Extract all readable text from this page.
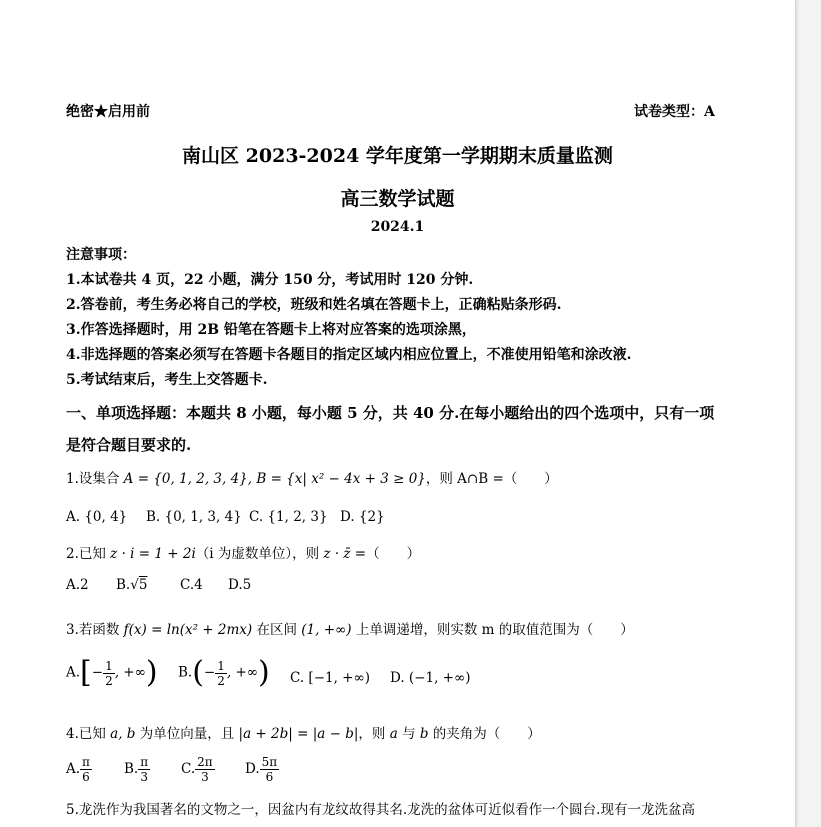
绝密★启用前	试卷类型：A
南山区 2023-2024 学年度第一学期期末质量监测
高三数学试题
2024.1
注意事项：
1.本试卷共 4 页，22 小题，满分 150 分，考试用时 120 分钟.
2.答卷前，考生务必将自己的学校，班级和姓名填在答题卡上，正确粘贴条形码.
3.作答选择题时，用 2B 铅笔在答题卡上将对应答案的选项涂黑，
4.非选择题的答案必须写在答题卡各题目的指定区域内相应位置上，不准使用铅笔和涂改液.
5.考试结束后，考生上交答题卡.
一、单项选择题：本题共 8 小题，每小题 5 分，共 40 分.在每小题给出的四个选项中，只有一项
是符合题目要求的.
1.设集合 A = {0, 1, 2, 3, 4}, B = {x| x² − 4x + 3 ≥ 0}，则 A∩B =（　　）
A. {0, 4} B. {0, 1, 3, 4} C. {1, 2, 3} D. {2}
2.已知 z · i = 1 + 2i（i 为虚数单位），则 z · z̄ =（　　）
A.2 B.√5 C.4 D.5
3.若函数 f(x) = ln(x² + 2mx) 在区间 (1, +∞) 上单调递增，则实数 m 的取值范围为（　　）
$A.[- \frac{1}{2}$ , +∞) $B.(- \frac{1}{2}$ , +∞) C. [−1, +∞) D. (−1, +∞)
4.已知 a, b 为单位向量，且 |a + 2b| = |a − b|，则 a 与 b 的夹角为（　　）
A. $\frac{\pi}{6} B$. $\frac{\pi}{3} C$. $\frac{2\pi}{3} D$. $\frac{5\pi}{6}$
5.龙洗作为我国著名的文物之一，因盆内有龙纹故得其名.龙洗的盆体可近似看作一个圆台.现有一龙洗盆高
